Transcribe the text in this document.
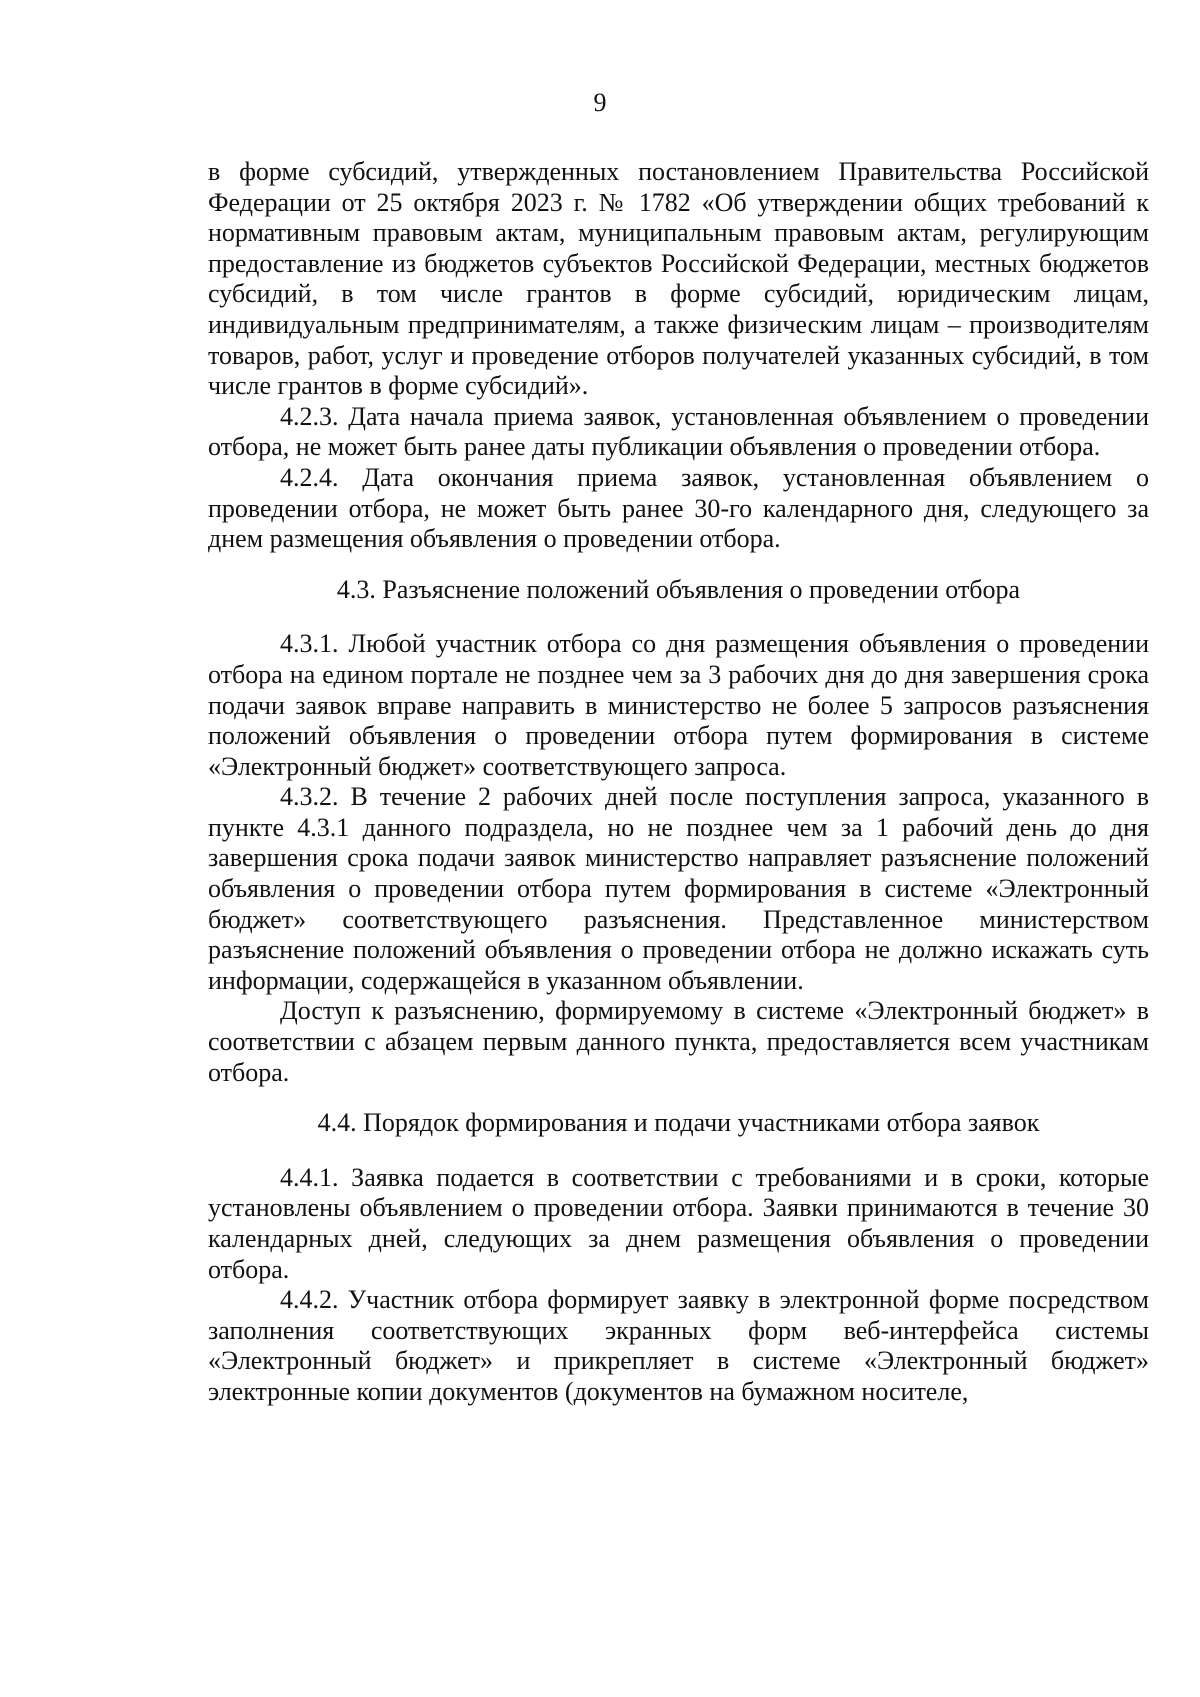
9

в форме субсидий, утвержденных постановлением Правительства Российской Федерации от 25 октября 2023 г. № 1782 «Об утверждении общих требований к нормативным правовым актам, муниципальным правовым актам, регулирующим предоставление из бюджетов субъектов Российской Федерации, местных бюджетов субсидий, в том числе грантов в форме субсидий, юридическим лицам, индивидуальным предпринимателям, а также физическим лицам – производителям товаров, работ, услуг и проведение отборов получателей указанных субсидий, в том числе грантов в форме субсидий».

4.2.3. Дата начала приема заявок, установленная объявлением о проведении отбора, не может быть ранее даты публикации объявления о проведении отбора.

4.2.4. Дата окончания приема заявок, установленная объявлением о проведении отбора, не может быть ранее 30-го календарного дня, следующего за днем размещения объявления о проведении отбора.

4.3. Разъяснение положений объявления о проведении отбора

4.3.1. Любой участник отбора со дня размещения объявления о проведении отбора на едином портале не позднее чем за 3 рабочих дня до дня завершения срока подачи заявок вправе направить в министерство не более 5 запросов разъяснения положений объявления о проведении отбора путем формирования в системе «Электронный бюджет» соответствующего запроса.

4.3.2. В течение 2 рабочих дней после поступления запроса, указанного в пункте 4.3.1 данного подраздела, но не позднее чем за 1 рабочий день до дня завершения срока подачи заявок министерство направляет разъяснение положений объявления о проведении отбора путем формирования в системе «Электронный бюджет» соответствующего разъяснения. Представленное министерством разъяснение положений объявления о проведении отбора не должно искажать суть информации, содержащейся в указанном объявлении.

Доступ к разъяснению, формируемому в системе «Электронный бюджет» в соответствии с абзацем первым данного пункта, предоставляется всем участникам отбора.

4.4. Порядок формирования и подачи участниками отбора заявок

4.4.1. Заявка подается в соответствии с требованиями и в сроки, которые установлены объявлением о проведении отбора. Заявки принимаются в течение 30 календарных дней, следующих за днем размещения объявления о проведении отбора.

4.4.2. Участник отбора формирует заявку в электронной форме посредством заполнения соответствующих экранных форм веб-интерфейса системы «Электронный бюджет» и прикрепляет в системе «Электронный бюджет» электронные копии документов (документов на бумажном носителе,
